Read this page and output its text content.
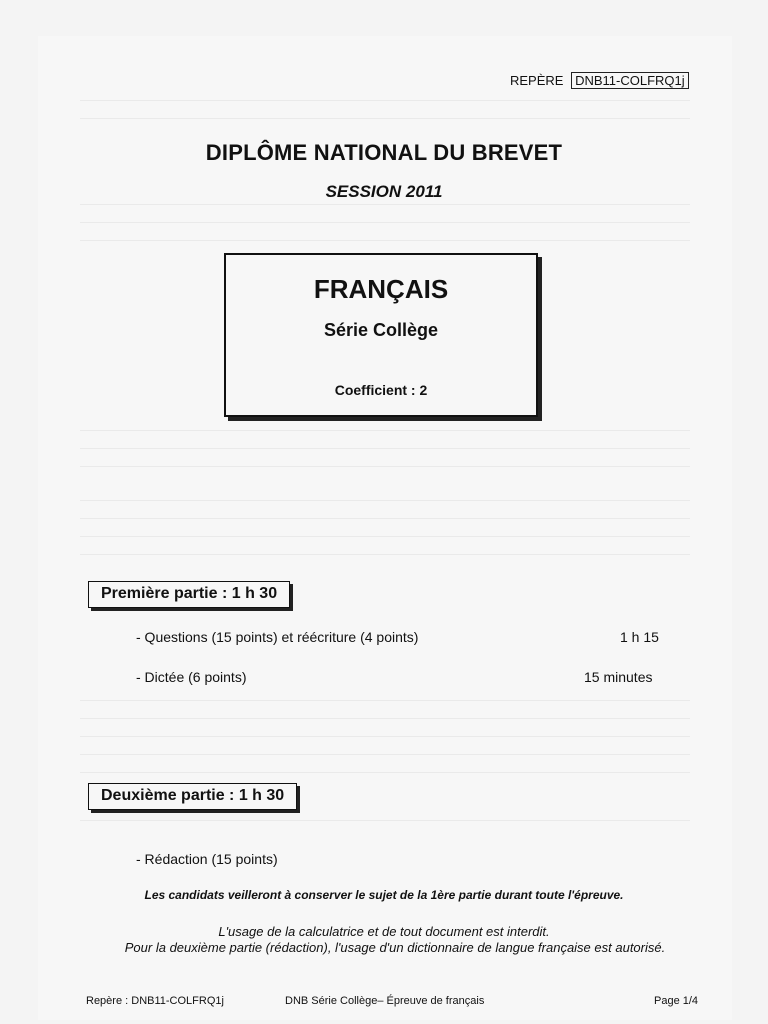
REPÈRE DNB11-COLFRQ1j
DIPLÔME NATIONAL DU BREVET
SESSION 2011
FRANÇAIS
Série Collège
Coefficient : 2
Première partie : 1 h 30
- Questions (15 points) et réécriture (4 points)	1 h 15
- Dictée (6 points)	15 minutes
Deuxième partie : 1 h 30
- Rédaction (15 points)
Les candidats veilleront à conserver le sujet de la 1ère partie durant toute l'épreuve.
L'usage de la calculatrice et de tout document est interdit.
Pour la deuxième partie (rédaction), l'usage d'un dictionnaire de langue française est autorisé.
Repère : DNB11-COLFRQ1j	DNB Série Collège– Épreuve de français	Page 1/4
